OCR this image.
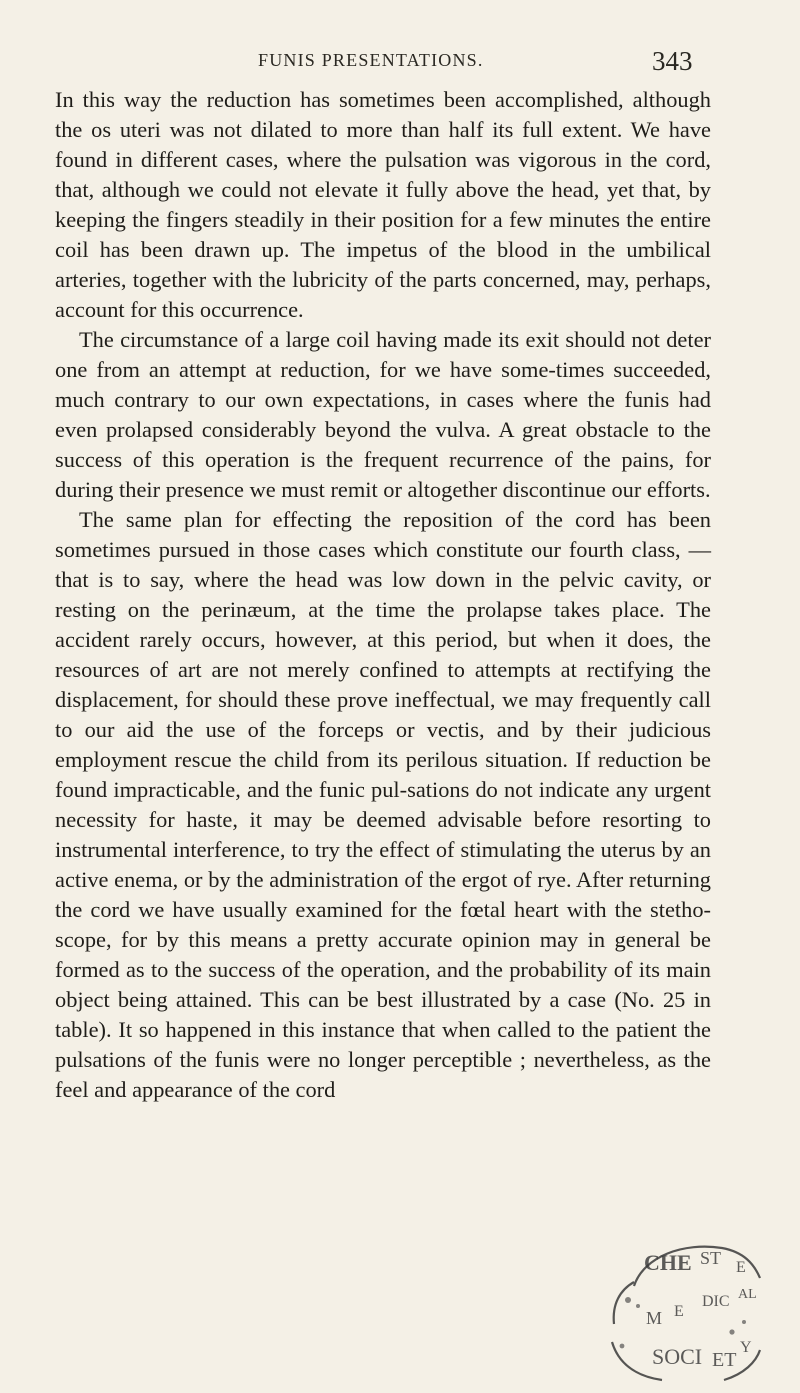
FUNIS PRESENTATIONS.	343

In this way the reduction has sometimes been accomplished, although the os uteri was not dilated to more than half its full extent. We have found in different cases, where the pulsation was vigorous in the cord, that, although we could not elevate it fully above the head, yet that, by keeping the fingers steadily in their position for a few minutes the entire coil has been drawn up. The impetus of the blood in the umbilical arteries, together with the lubricity of the parts concerned, may, perhaps, account for this occurrence.

The circumstance of a large coil having made its exit should not deter one from an attempt at reduction, for we have some-times succeeded, much contrary to our own expectations, in cases where the funis had even prolapsed considerably beyond the vulva. A great obstacle to the success of this operation is the frequent recurrence of the pains, for during their presence we must remit or altogether discontinue our efforts.

The same plan for effecting the reposition of the cord has been sometimes pursued in those cases which constitute our fourth class, —that is to say, where the head was low down in the pelvic cavity, or resting on the perinæum, at the time the prolapse takes place. The accident rarely occurs, however, at this period, but when it does, the resources of art are not merely confined to attempts at rectifying the displacement, for should these prove ineffectual, we may frequently call to our aid the use of the forceps or vectis, and by their judicious employment rescue the child from its perilous situation. If reduction be found impracticable, and the funic pul-sations do not indicate any urgent necessity for haste, it may be deemed advisable before resorting to instrumental interference, to try the effect of stimulating the uterus by an active enema, or by the administration of the ergot of rye. After returning the cord we have usually examined for the fœtal heart with the stetho-scope, for by this means a pretty accurate opinion may in general be formed as to the success of the operation, and the probability of its main object being attained. This can be best illustrated by a case (No. 25 in table). It so happened in this instance that when called to the patient the pulsations of the funis were no longer perceptible ; nevertheless, as the feel and appearance of the cord

CHE ST E
M E
DIC AL
SOCI ET
Y
